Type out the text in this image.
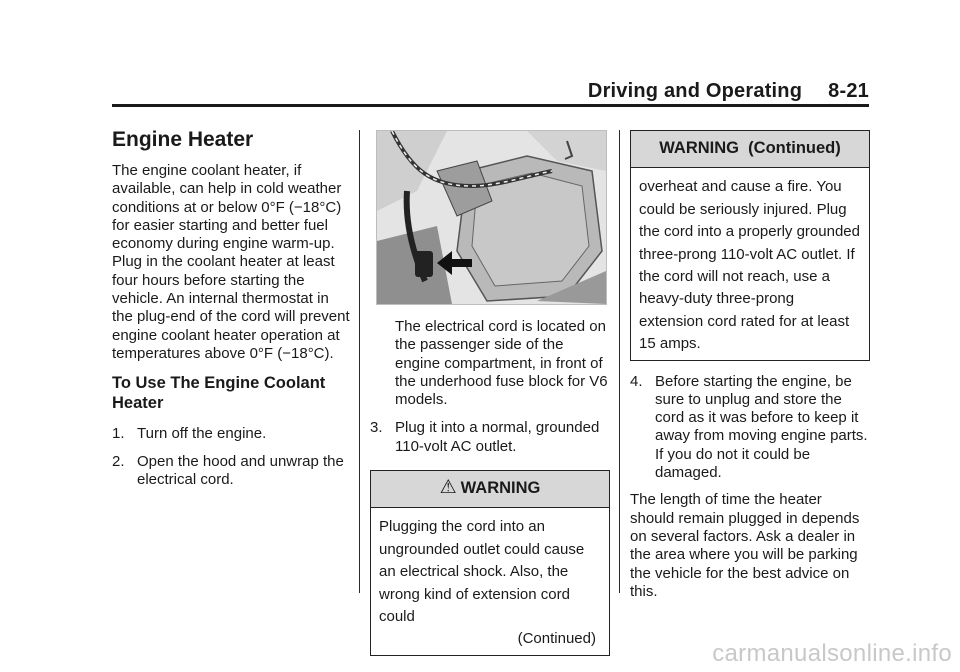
Driving and Operating 8-21
Engine Heater

The engine coolant heater, if available, can help in cold weather conditions at or below 0°F (−18°C) for easier starting and better fuel economy during engine warm-up. Plug in the coolant heater at least four hours before starting the vehicle. An internal thermostat in the plug-end of the cord will prevent engine coolant heater operation at temperatures above 0°F (−18°C).

To Use The Engine Coolant Heater
1. Turn off the engine.
2. Open the hood and unwrap the electrical cord.

The electrical cord is located on the passenger side of the engine compartment, in front of the underhood fuse block for V6 models.

3. Plug it into a normal, grounded 110-volt AC outlet.
⚠ WARNING

Plugging the cord into an ungrounded outlet could cause an electrical shock. Also, the wrong kind of extension cord could

(Continued)

WARNING  (Continued)

overheat and cause a fire. You could be seriously injured. Plug the cord into a properly grounded three-prong 110-volt AC outlet. If the cord will not reach, use a heavy-duty three-prong extension cord rated for at least 15 amps.

4. Before starting the engine, be sure to unplug and store the cord as it was before to keep it away from moving engine parts. If you do not it could be damaged.

The length of time the heater should remain plugged in depends on several factors. Ask a dealer in the area where you will be parking the vehicle for the best advice on this.

carmanualsonline.info
